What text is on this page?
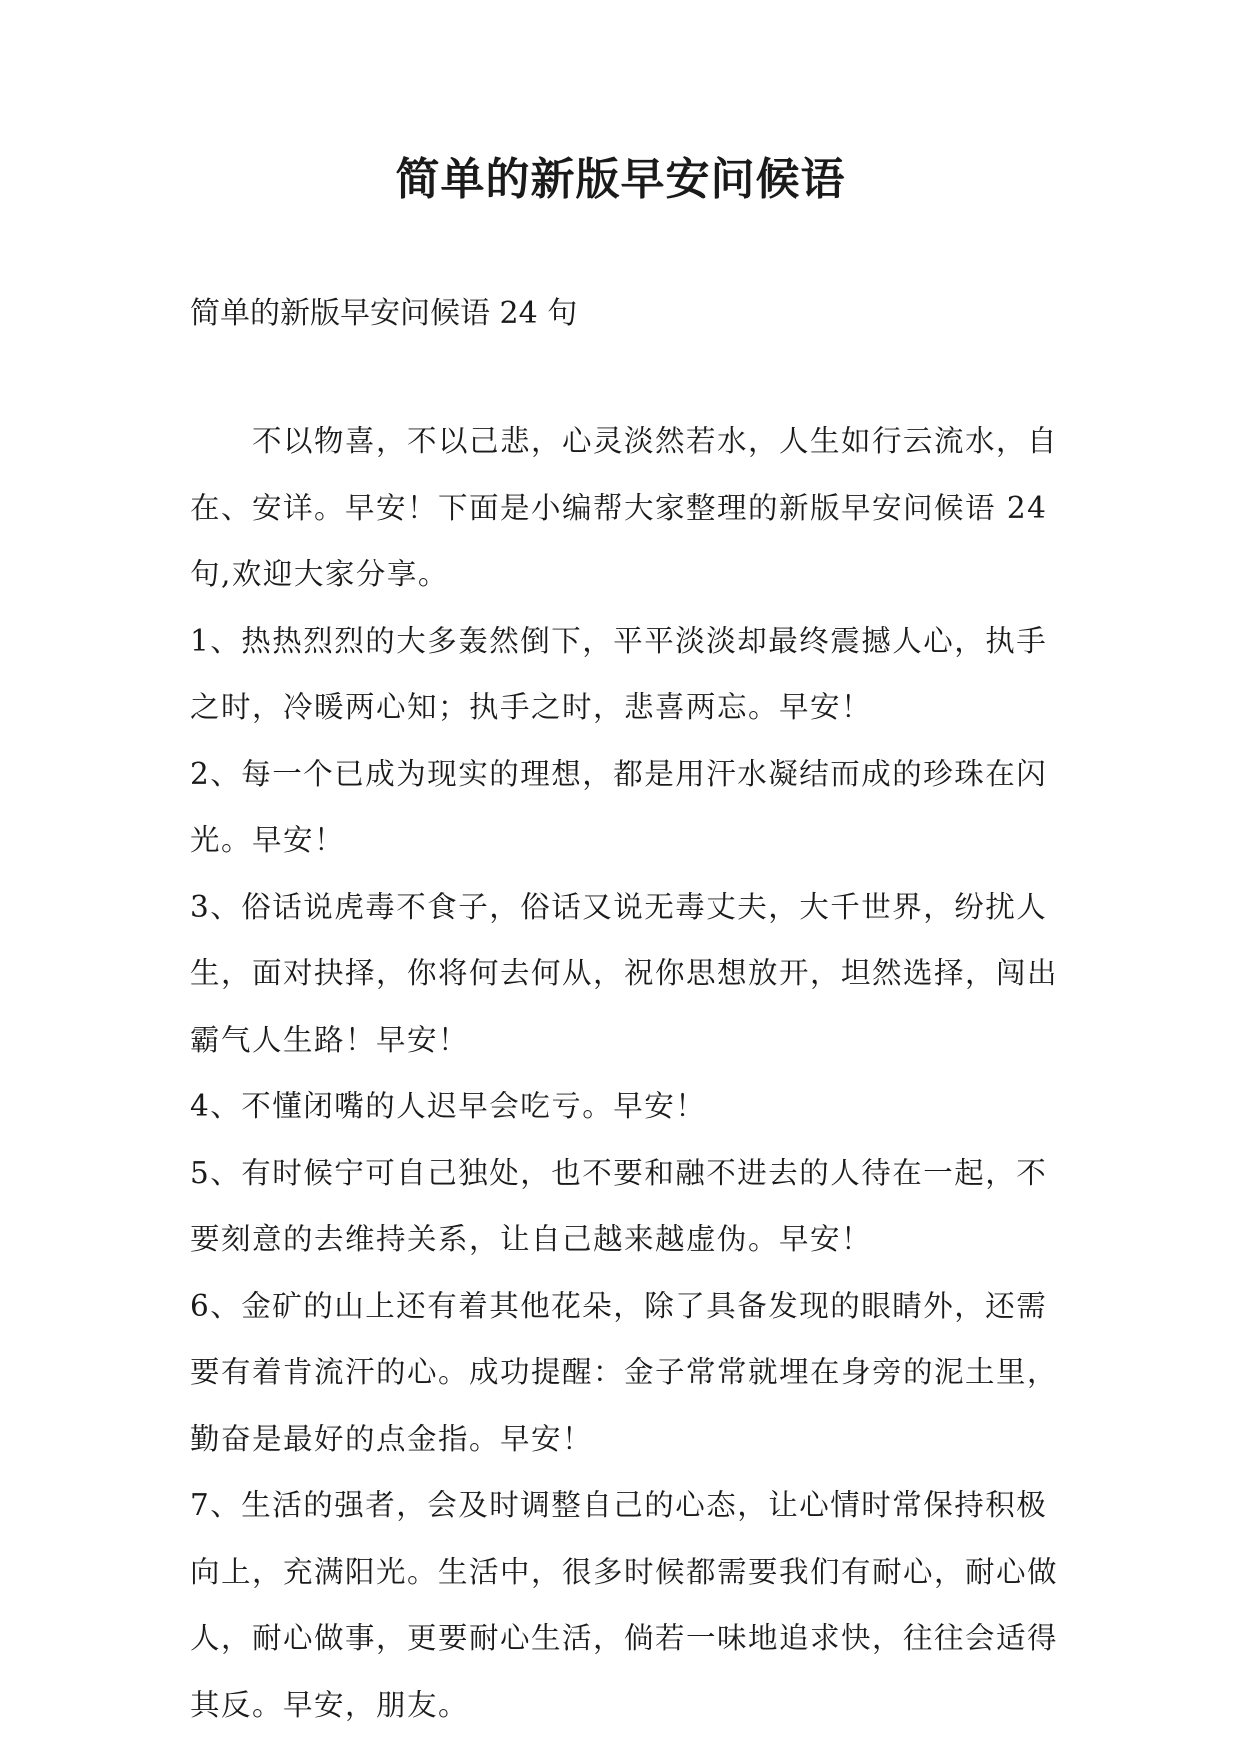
简单的新版早安问候语
简单的新版早安问候语 24 句

不以物喜，不以己悲，心灵淡然若水，人生如行云流水，自在、安详。早安！下面是小编帮大家整理的新版早安问候语 24 句,欢迎大家分享。

1、热热烈烈的大多轰然倒下，平平淡淡却最终震撼人心，执手之时，冷暖两心知；执手之时，悲喜两忘。早安！

2、每一个已成为现实的理想，都是用汗水凝结而成的珍珠在闪光。早安！

3、俗话说虎毒不食子，俗话又说无毒丈夫，大千世界，纷扰人生，面对抉择，你将何去何从，祝你思想放开，坦然选择，闯出霸气人生路！早安！

4、不懂闭嘴的人迟早会吃亏。早安！

5、有时候宁可自己独处，也不要和融不进去的人待在一起，不要刻意的去维持关系，让自己越来越虚伪。早安！

6、金矿的山上还有着其他花朵，除了具备发现的眼睛外，还需要有着肯流汗的心。成功提醒：金子常常就埋在身旁的泥土里，勤奋是最好的点金指。早安！

7、生活的强者，会及时调整自己的心态，让心情时常保持积极向上，充满阳光。生活中，很多时候都需要我们有耐心，耐心做人，耐心做事，更要耐心生活，倘若一味地追求快，往往会适得其反。早安，朋友。
